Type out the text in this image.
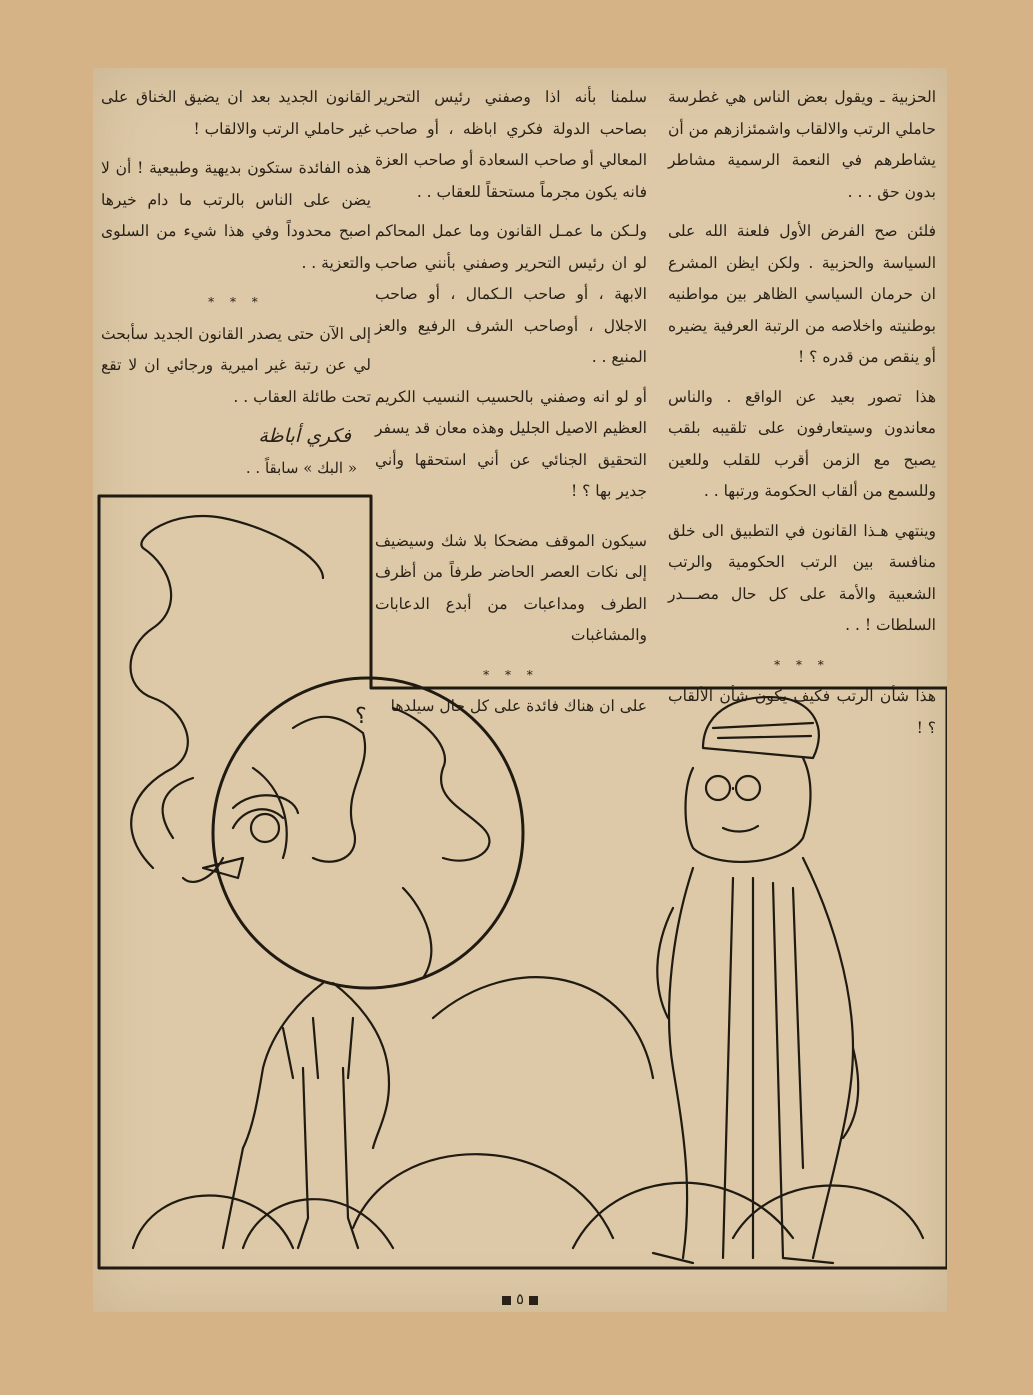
الحزبية ـ ويقول بعض الناس هي غطرسة حاملي الرتب والالقاب واشمئزازهم من أن يشاطرهم في النعمة الرسمية مشاطر بدون حق . . .

فلئن صح الفرض الأول فلعنة الله على السياسة والحزبية . ولكن ايظن المشرع ان حرمان السياسي الظاهر بين مواطنيه بوطنيته واخلاصه من الرتبة العرفية يضيره أو ينقص من قدره ؟ !

هذا تصور بعيد عن الواقع . والناس معاندون وسيتعارفون على تلقيبه بلقب يصبح مع الزمن أقرب للقلب وللعين وللسمع من ألقاب الحكومة ورتبها . .

وينتهي هـذا القانون في التطبيق الى خلق منافسة بين الرتب الحكومية والرتب الشعبية والأمة على كل حال مصـــدر السلطات ! . .

* * *

هذا شأن الرتب فكيف يكون شأن الألقاب ؟ !

سلمنا بأنه اذا وصفني رئيس التحرير بصاحب الدولة فكري اباظه ، أو صاحب المعالي أو صاحب السعادة أو صاحب العزة فانه يكون مجرماً مستحقاً للعقاب . .

ولـكن ما عمـل القانون وما عمل المحاكم لو ان رئيس التحرير وصفني بأنني صاحب الابهة ، أو صاحب الـكمال ، أو صاحب الاجلال ، أوصاحب الشرف الرفيع والعز المنيع . .

أو لو انه وصفني بالحسيب النسيب الكريم العظيم الاصيل الجليل وهذه معان قد يسفر التحقيق الجنائي عن أني استحقها وأني جدير بها ؟ !

سيكون الموقف مضحكا بلا شك وسيضيف إلى نكات العصر الحاضر طرفاً من أظرف الطرف ومداعبات من أبدع الدعابات والمشاغبات

* * *

على ان هناك فائدة على كل حال سيلدها

القانون الجديد بعد ان يضيق الخناق على غير حاملي الرتب والالقاب !

هذه الفائدة ستكون بديهية وطبيعية ! أن لا يضن على الناس بالرتب ما دام خيرها اصبح محدوداً وفي هذا شيء من السلوى والتعزية . .

* * *

إلى الآن حتى يصدر القانون الجديد سأبحث لي عن رتبة غير اميرية ورجائي ان لا تقع تحت طائلة العقاب . .

فكري أباظة
« البك » سابقاً . .
؟
٥
